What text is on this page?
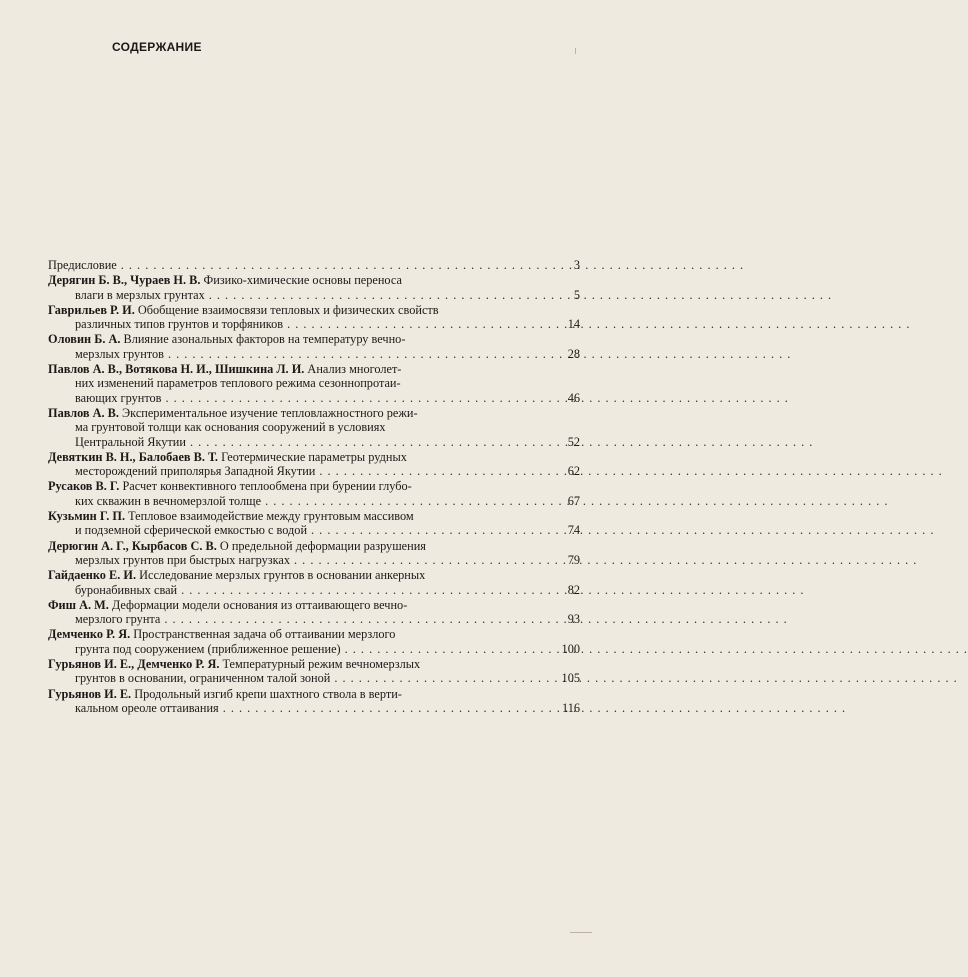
СОДЕРЖАНИЕ
Предисловие . . .	3
Дерягин Б. В., Чураев Н. В. Физико-химические основы переноса
влаги в мерзлых грунтах . . .	5
Гаврильев Р. И. Обобщение взаимосвязи тепловых и физических свойств
различных типов грунтов и торфяников . . .	14
Оловин Б. А. Влияние азональных факторов на температуру вечно-
мерзлых грунтов . . .	28
Павлов А. В., Вотякова Н. И., Шишкина Л. И. Анализ многолет-
них изменений параметров теплового режима сезоннопротаи-
вающих грунтов . . .	46
Павлов А. В. Экспериментальное изучение тепловлажностного режи-
ма грунтовой толщи как основания сооружений в условиях
Центральной Якутии . . .	52
Девяткин В. Н., Балобаев В. Т. Геотермические параметры рудных
месторождений приполярья Западной Якутии . . .	62
Русаков В. Г. Расчет конвективного теплообмена при бурении глубо-
ких скважин в вечномерзлой толще . . .	67
Кузьмин Г. П. Тепловое взаимодействие между грунтовым массивом
и подземной сферической емкостью с водой . . .	74
Дерюгин А. Г., Кырбасов С. В. О предельной деформации разрушения
мерзлых грунтов при быстрых нагрузках . . .	79
Гайдаенко Е. И. Исследование мерзлых грунтов в основании анкерных
буронабивных свай . . .	82
Фиш А. М. Деформации модели основания из оттаивающего вечно-
мерзлого грунта . . .	93
Демченко Р. Я. Пространственная задача об оттаивании мерзлого
грунта под сооружением (приближенное решение) . . .	100
Гурьянов И. Е., Демченко Р. Я. Температурный режим вечномерзлых
грунтов в основании, ограниченном талой зоной . . .	105
Гурьянов И. Е. Продольный изгиб крепи шахтного ствола в верти-
кальном ореоле оттаивания . . .	116
